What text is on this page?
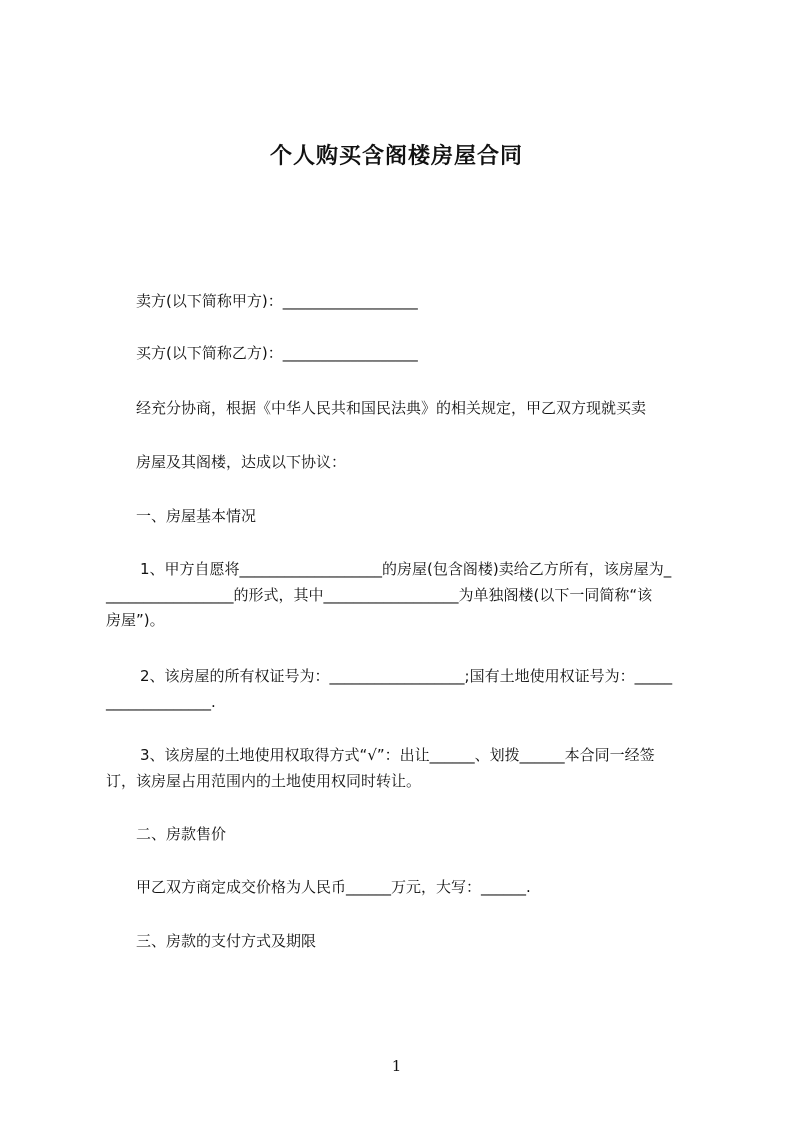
个人购买含阁楼房屋合同
卖方(以下简称甲方)：__________________
买方(以下简称乙方)：__________________
经充分协商，根据《中华人民共和国民法典》的相关规定，甲乙双方现就买卖
房屋及其阁楼，达成以下协议：
一、房屋基本情况
1、甲方自愿将___________________的房屋(包含阁楼)卖给乙方所有，该房屋为_
_________________的形式，其中__________________为单独阁楼(以下一同简称“该
房屋”)。
2、该房屋的所有权证号为：__________________;国有土地使用权证号为：_____
______________.
3、该房屋的土地使用权取得方式“√”：出让______、划拨______本合同一经签
订，该房屋占用范围内的土地使用权同时转让。
二、房款售价
甲乙双方商定成交价格为人民币______万元，大写：______.
三、房款的支付方式及期限
1
